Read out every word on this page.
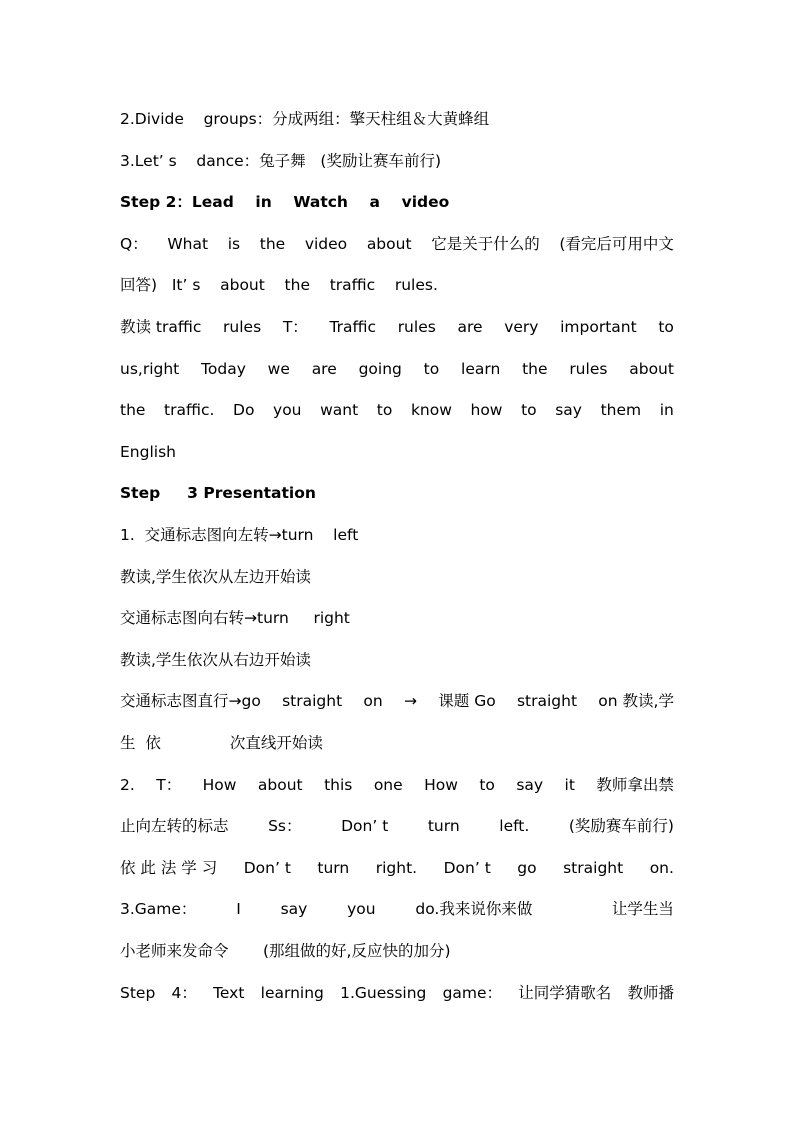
2.Divide    groups：分成两组：擎天柱组＆大黄蜂组
3.Let’ s    dance：兔子舞   (奖励让赛车前行)
Step 2：Lead    in    Watch    a    video
Q： What is the video about 它是关于什么的 (看完后可用中文
回答)   It’ s    about    the    traffic    rules.
教读 traffic rules T： Traffic rules are very important to
us,right Today we are going to learn the rules about
the traffic. Do you want to know how to say them in
English
Step     3 Presentation
1.  交通标志图向左转→turn    left
教读,学生依次从左边开始读
交通标志图向右转→turn     right
教读,学生依次从右边开始读
交通标志图直行→go straight on → 课题 Go straight on 教读,学
生  依              次直线开始读
2. T： How about this one How to say it 教师拿出禁
止向左转的标志	Ss：	Don’ t	turn	left.	(奖励赛车前行)
依 此 法 学 习 Don’ t turn right. Don’ t go straight on.
3.Game：	I	say	you	do.我来说你来做	让学生当
小老师来发命令       (那组做的好,反应快的加分)
Step 4： Text learning 1.Guessing game： 让同学猜歌名 教师播
